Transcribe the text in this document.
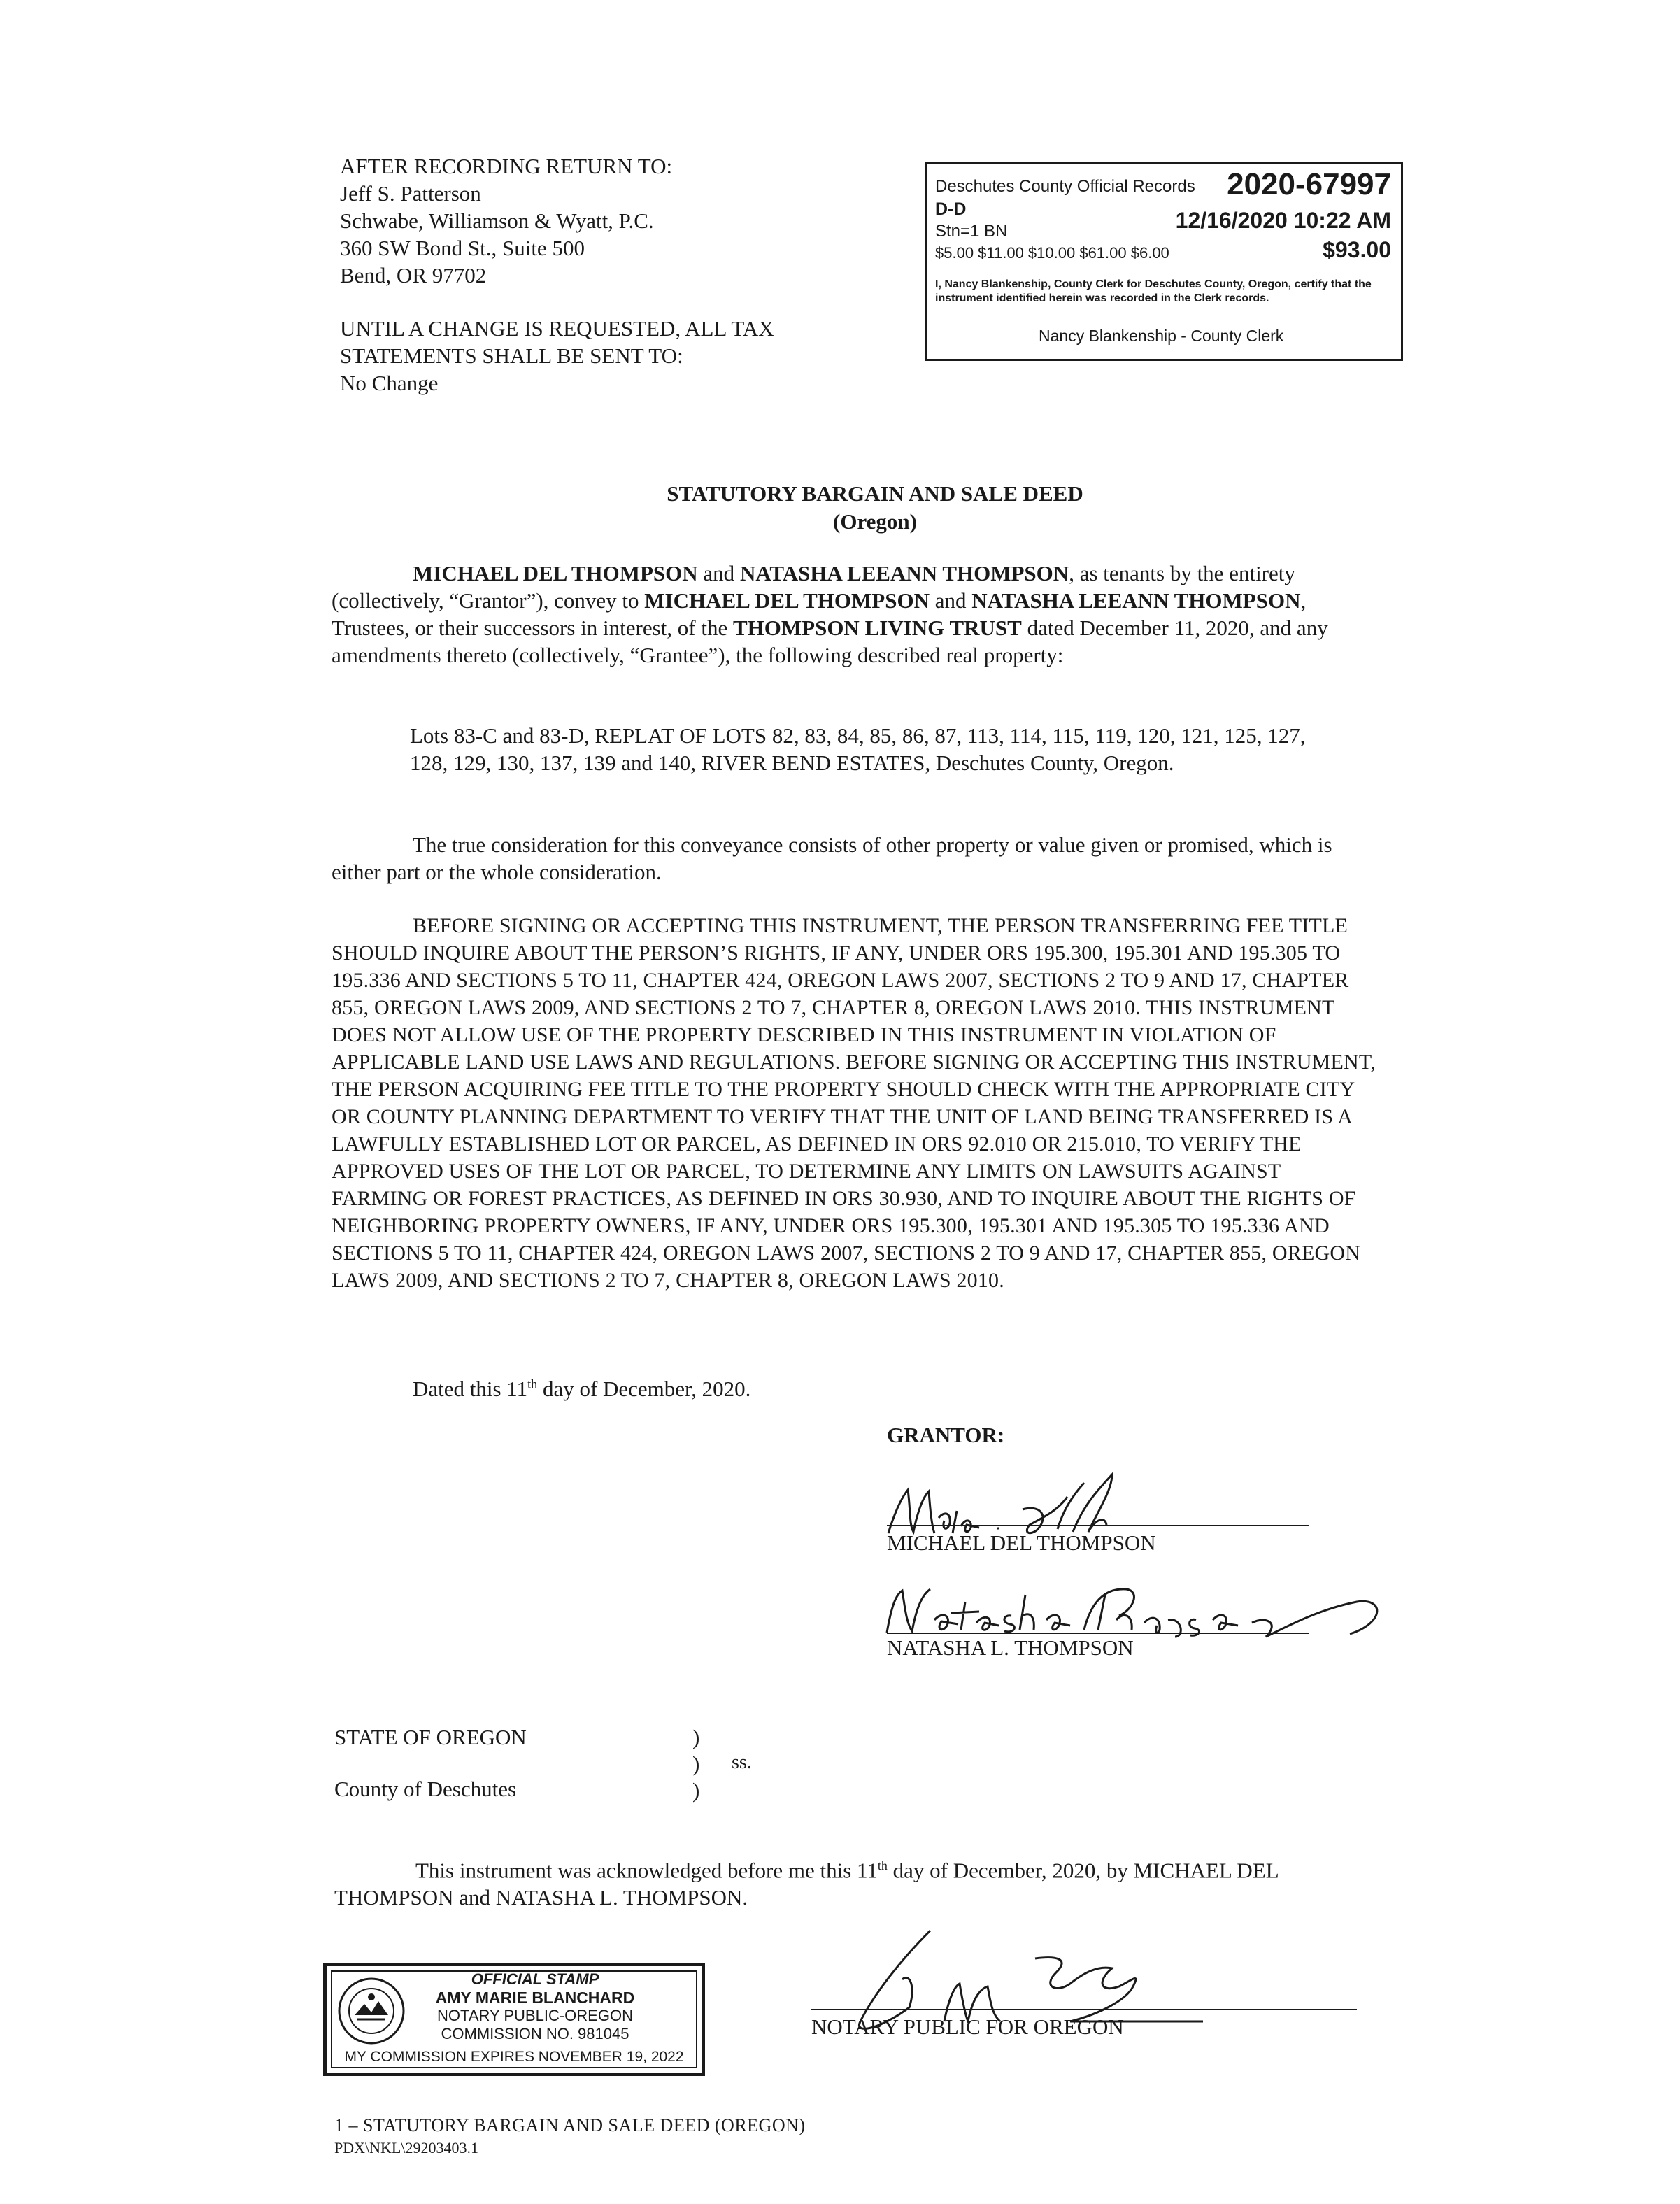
AFTER RECORDING RETURN TO:
Jeff S. Patterson
Schwabe, Williamson & Wyatt, P.C.
360 SW Bond St., Suite 500
Bend, OR 97702
UNTIL A CHANGE IS REQUESTED, ALL TAX
STATEMENTS SHALL BE SENT TO:
No Change
Deschutes County Official Records 2020-67997
D-D
Stn=1 BN	12/16/2020 10:22 AM
$5.00 $11.00 $10.00 $61.00 $6.00	$93.00
I, Nancy Blankenship, County Clerk for Deschutes County, Oregon, certify that the instrument identified herein was recorded in the Clerk records.
Nancy Blankenship - County Clerk
STATUTORY BARGAIN AND SALE DEED
(Oregon)
MICHAEL DEL THOMPSON and NATASHA LEEANN THOMPSON, as tenants by the entirety (collectively, “Grantor”), convey to MICHAEL DEL THOMPSON and NATASHA LEEANN THOMPSON, Trustees, or their successors in interest, of the THOMPSON LIVING TRUST dated December 11, 2020, and any amendments thereto (collectively, “Grantee”), the following described real property:
Lots 83-C and 83-D, REPLAT OF LOTS 82, 83, 84, 85, 86, 87, 113, 114, 115, 119, 120, 121, 125, 127, 128, 129, 130, 137, 139 and 140, RIVER BEND ESTATES, Deschutes County, Oregon.
The true consideration for this conveyance consists of other property or value given or promised, which is either part or the whole consideration.
BEFORE SIGNING OR ACCEPTING THIS INSTRUMENT, THE PERSON TRANSFERRING FEE TITLE SHOULD INQUIRE ABOUT THE PERSON’S RIGHTS, IF ANY, UNDER ORS 195.300, 195.301 AND 195.305 TO 195.336 AND SECTIONS 5 TO 11, CHAPTER 424, OREGON LAWS 2007, SECTIONS 2 TO 9 AND 17, CHAPTER 855, OREGON LAWS 2009, AND SECTIONS 2 TO 7, CHAPTER 8, OREGON LAWS 2010. THIS INSTRUMENT DOES NOT ALLOW USE OF THE PROPERTY DESCRIBED IN THIS INSTRUMENT IN VIOLATION OF APPLICABLE LAND USE LAWS AND REGULATIONS. BEFORE SIGNING OR ACCEPTING THIS INSTRUMENT, THE PERSON ACQUIRING FEE TITLE TO THE PROPERTY SHOULD CHECK WITH THE APPROPRIATE CITY OR COUNTY PLANNING DEPARTMENT TO VERIFY THAT THE UNIT OF LAND BEING TRANSFERRED IS A LAWFULLY ESTABLISHED LOT OR PARCEL, AS DEFINED IN ORS 92.010 OR 215.010, TO VERIFY THE APPROVED USES OF THE LOT OR PARCEL, TO DETERMINE ANY LIMITS ON LAWSUITS AGAINST FARMING OR FOREST PRACTICES, AS DEFINED IN ORS 30.930, AND TO INQUIRE ABOUT THE RIGHTS OF NEIGHBORING PROPERTY OWNERS, IF ANY, UNDER ORS 195.300, 195.301 AND 195.305 TO 195.336 AND SECTIONS 5 TO 11, CHAPTER 424, OREGON LAWS 2007, SECTIONS 2 TO 9 AND 17, CHAPTER 855, OREGON LAWS 2009, AND SECTIONS 2 TO 7, CHAPTER 8, OREGON LAWS 2010.
Dated this 11th day of December, 2020.
GRANTOR:
MICHAEL DEL THOMPSON
NATASHA L. THOMPSON
STATE OF OREGON
County of Deschutes
)
)
)
ss.
This instrument was acknowledged before me this 11th day of December, 2020, by MICHAEL DEL THOMPSON and NATASHA L. THOMPSON.
OFFICIAL STAMP
AMY MARIE BLANCHARD
NOTARY PUBLIC-OREGON
COMMISSION NO. 981045
MY COMMISSION EXPIRES NOVEMBER 19, 2022
NOTARY PUBLIC FOR OREGON
1 – STATUTORY BARGAIN AND SALE DEED (OREGON)
PDX\NKL\29203403.1
